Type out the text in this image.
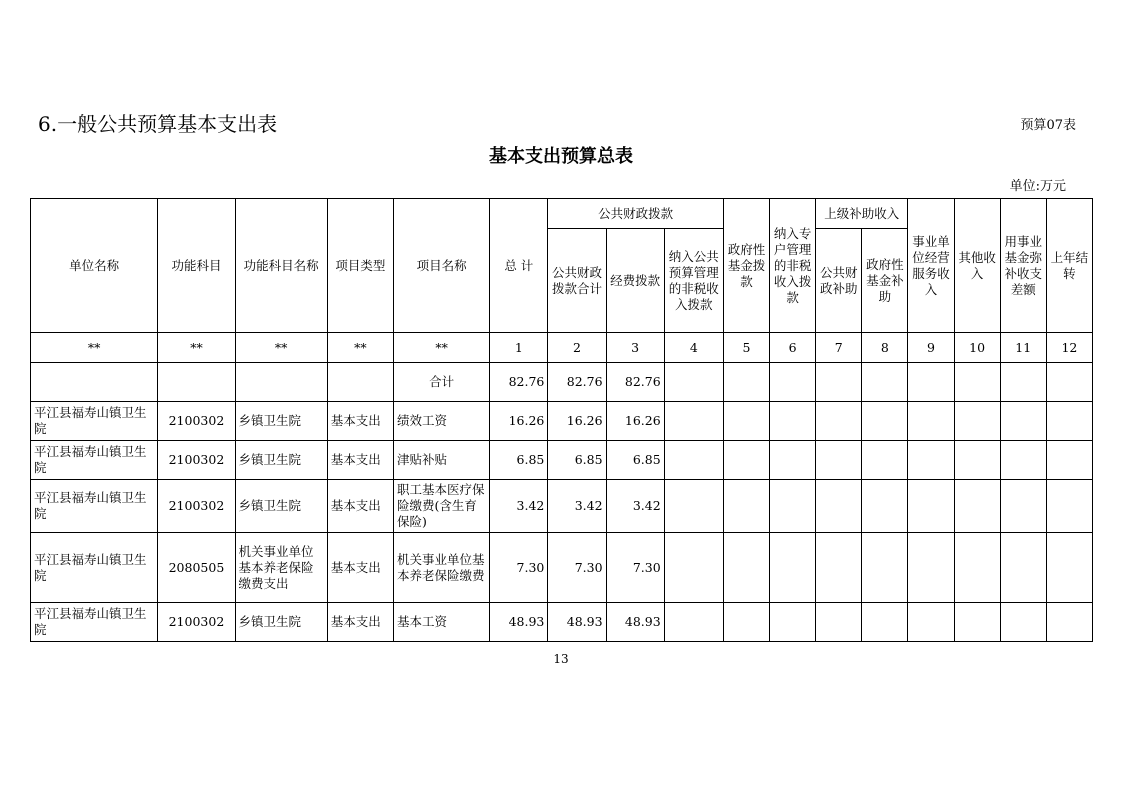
6.一般公共预算基本支出表	预算07表
基本支出预算总表
单位:万元
单位名称	功能科目	功能科目名称	项目类型	项目名称	总 计	公共财政拨款			政府性基金拨款	纳入专户管理的非税收入拨款	上级补助收入		事业单位经营服务收入	其他收入	用事业基金弥补收支差额	上年结转
						公共财政拨款合计	经费拨款	纳入公共预算管理的非税收入拨款			公共财政补助	政府性基金补助				
**	**	**	**	**	1	2	3	4	5	6	7	8	9	10	11	12
				合计	82.76	82.76	82.76									
平江县福寿山镇卫生院	2100302	乡镇卫生院	基本支出	绩效工资	16.26	16.26	16.26									
平江县福寿山镇卫生院	2100302	乡镇卫生院	基本支出	津贴补贴	6.85	6.85	6.85									
平江县福寿山镇卫生院	2100302	乡镇卫生院	基本支出	职工基本医疗保险缴费(含生育保险)	3.42	3.42	3.42									
平江县福寿山镇卫生院	2080505	机关事业单位基本养老保险缴费支出	基本支出	机关事业单位基本养老保险缴费	7.30	7.30	7.30									
平江县福寿山镇卫生院	2100302	乡镇卫生院	基本支出	基本工资	48.93	48.93	48.93									
13
